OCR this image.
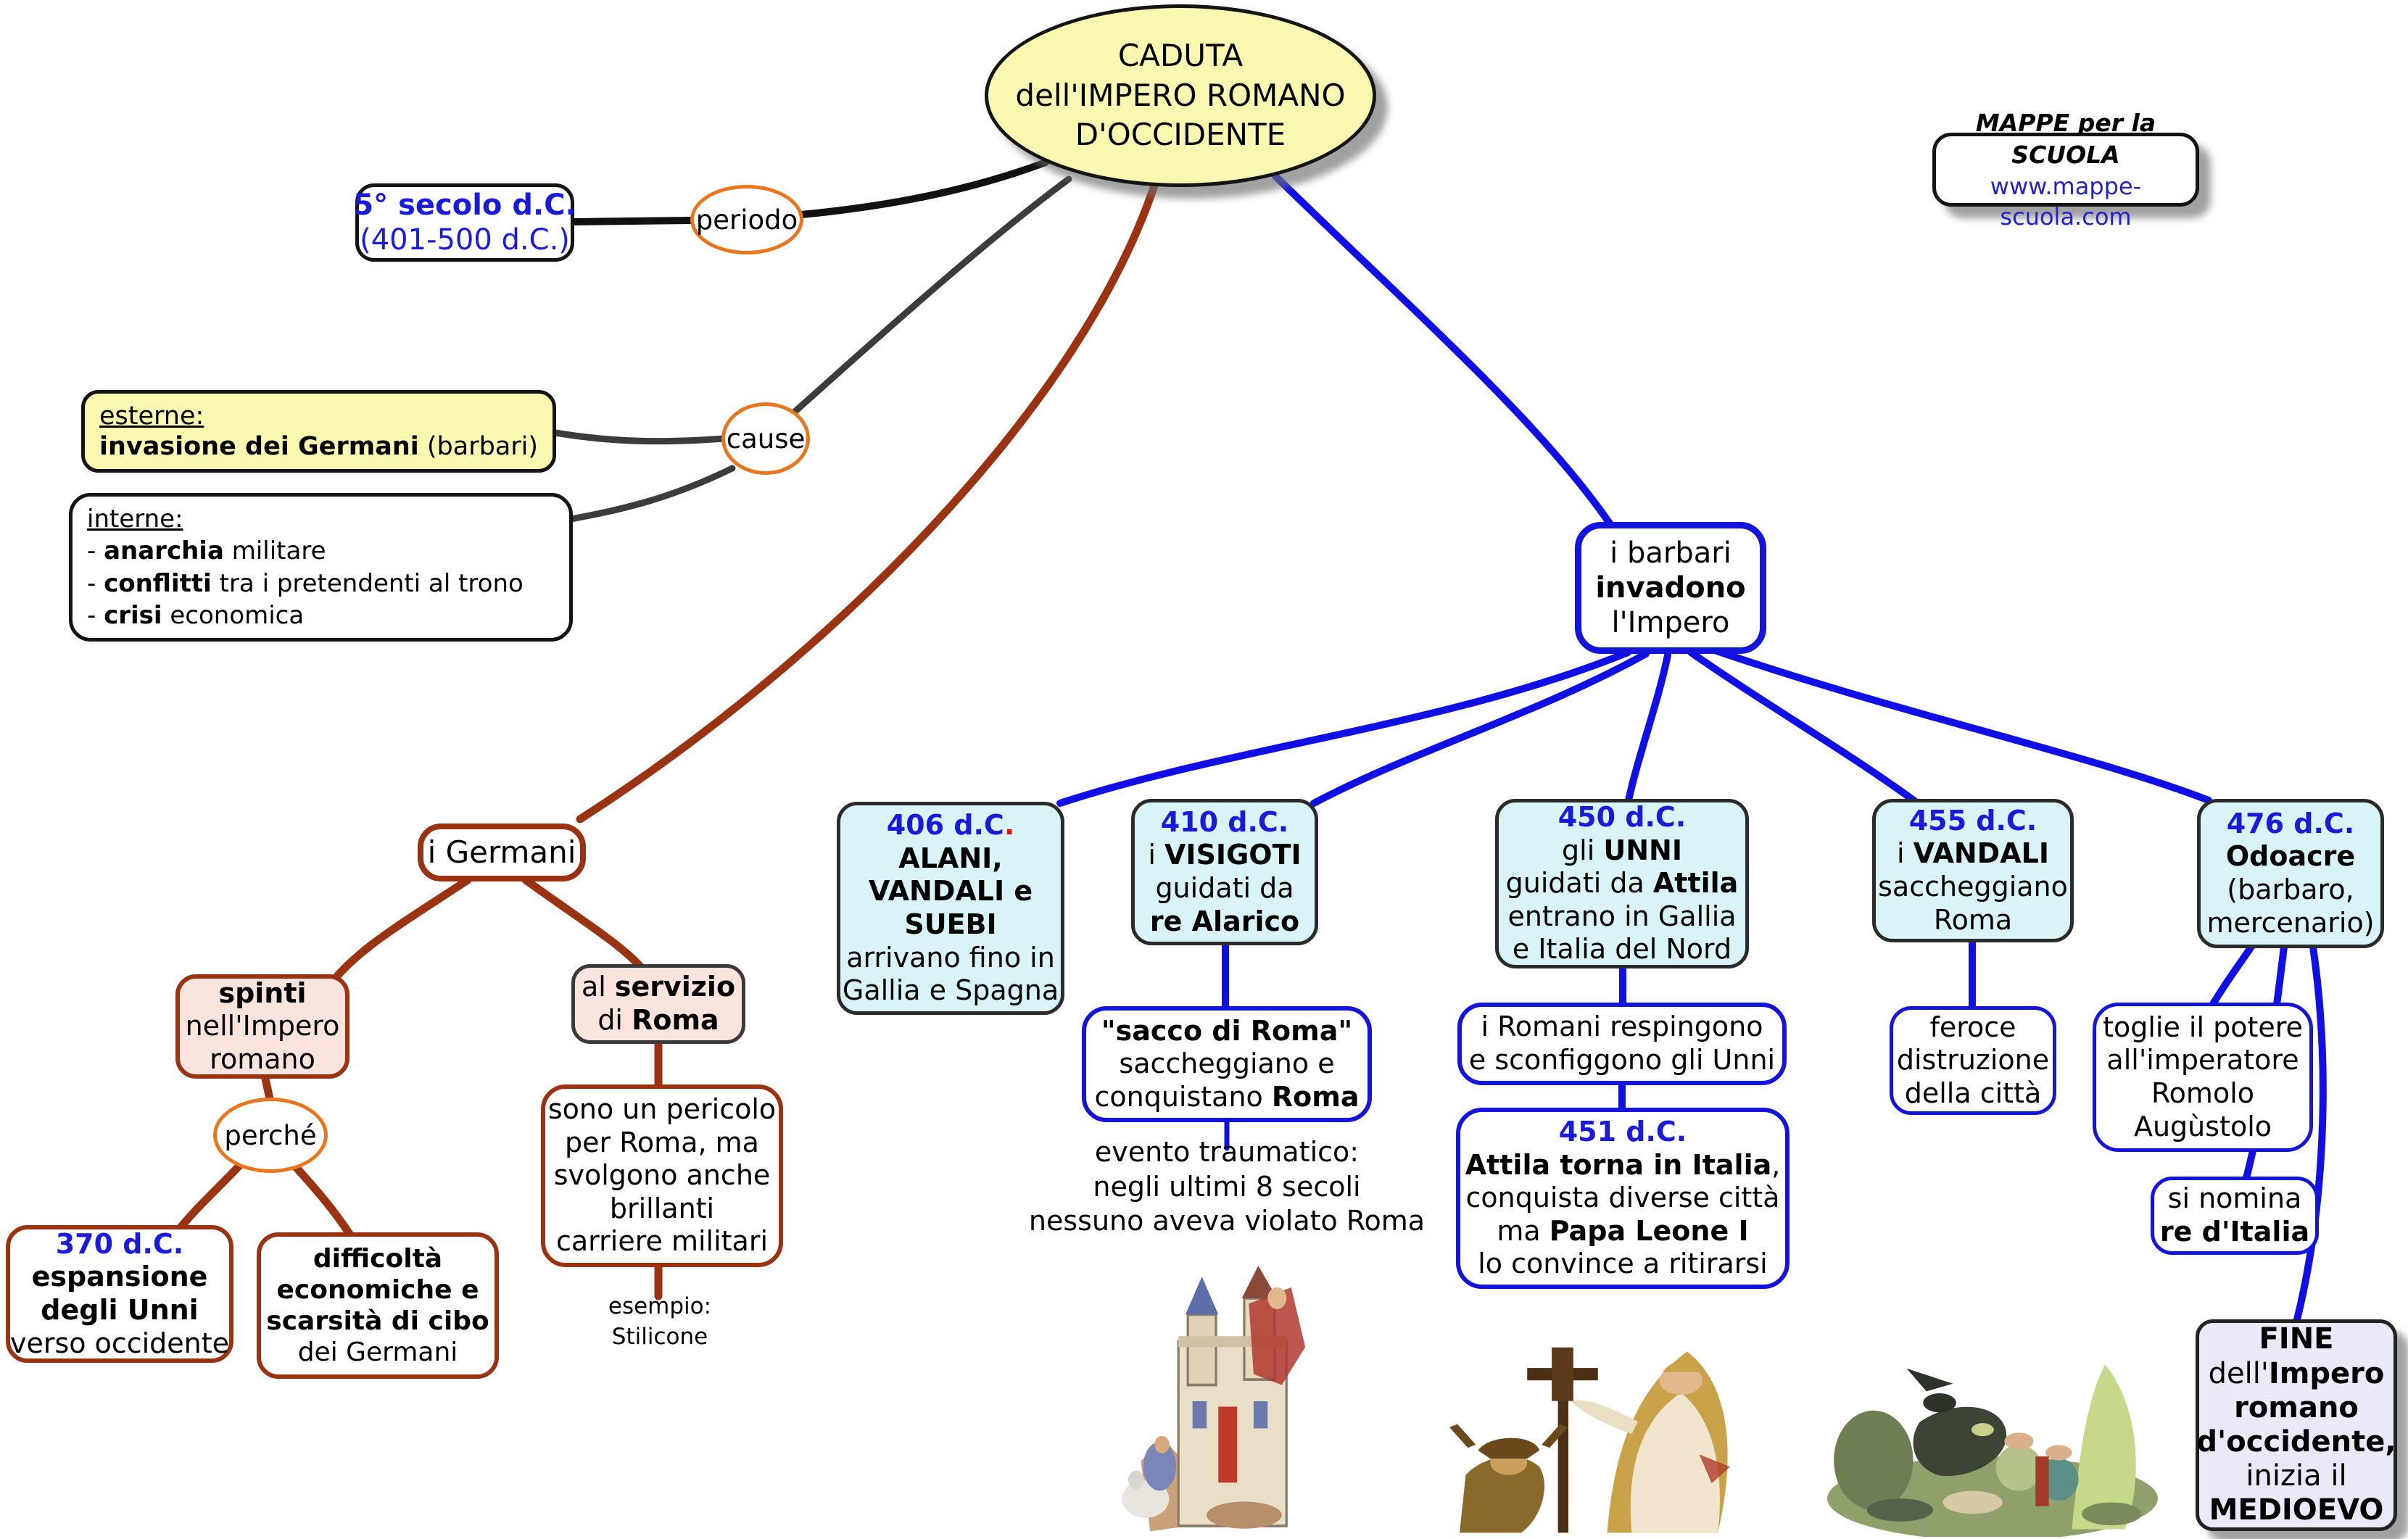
CADUTA
dell'IMPERO ROMANO
D'OCCIDENTE	MAPPE per la SCUOLA
www.mappe-scuola.com
5° secolo d.C.
(401-500 d.C.)
periodo
esterne:
invasione dei Germani (barbari)	cause
interne:
- anarchia militare
- conflitti tra i pretendenti al trono
- crisi economica
i barbari
invadono
l'Impero
i Germani
spinti
nell'Impero
romano
perché
370 d.C.
espansione
degli Unni
verso occidente
difficoltà
economiche e
scarsità di cibo
dei Germani
al servizio
di Roma
sono un pericolo
per Roma, ma
svolgono anche
brillanti
carriere militari
esempio:
Stilicone
406 d.C.
ALANI,
VANDALI e
SUEBI
arrivano fino in
Gallia e Spagna
410 d.C.
i VISIGOTI
guidati da
re Alarico
450 d.C.
gli UNNI
guidati da Attila
entrano in Gallia
e Italia del Nord
455 d.C.
i VANDALI
saccheggiano
Roma
476 d.C.
Odoacre
(barbaro,
mercenario)
"sacco di Roma"
saccheggiano e
conquistano Roma
evento traumatico:
negli ultimi 8 secoli
nessuno aveva violato Roma
i Romani respingono
e sconfiggono gli Unni
451 d.C.
Attila torna in Italia,
conquista diverse città
ma Papa Leone I
lo convince a ritirarsi
feroce
distruzione
della città
toglie il potere
all'imperatore
Romolo
Augùstolo
si nomina
re d'Italia
FINE
dell'Impero
romano
d'occidente,
inizia il
MEDIOEVO
